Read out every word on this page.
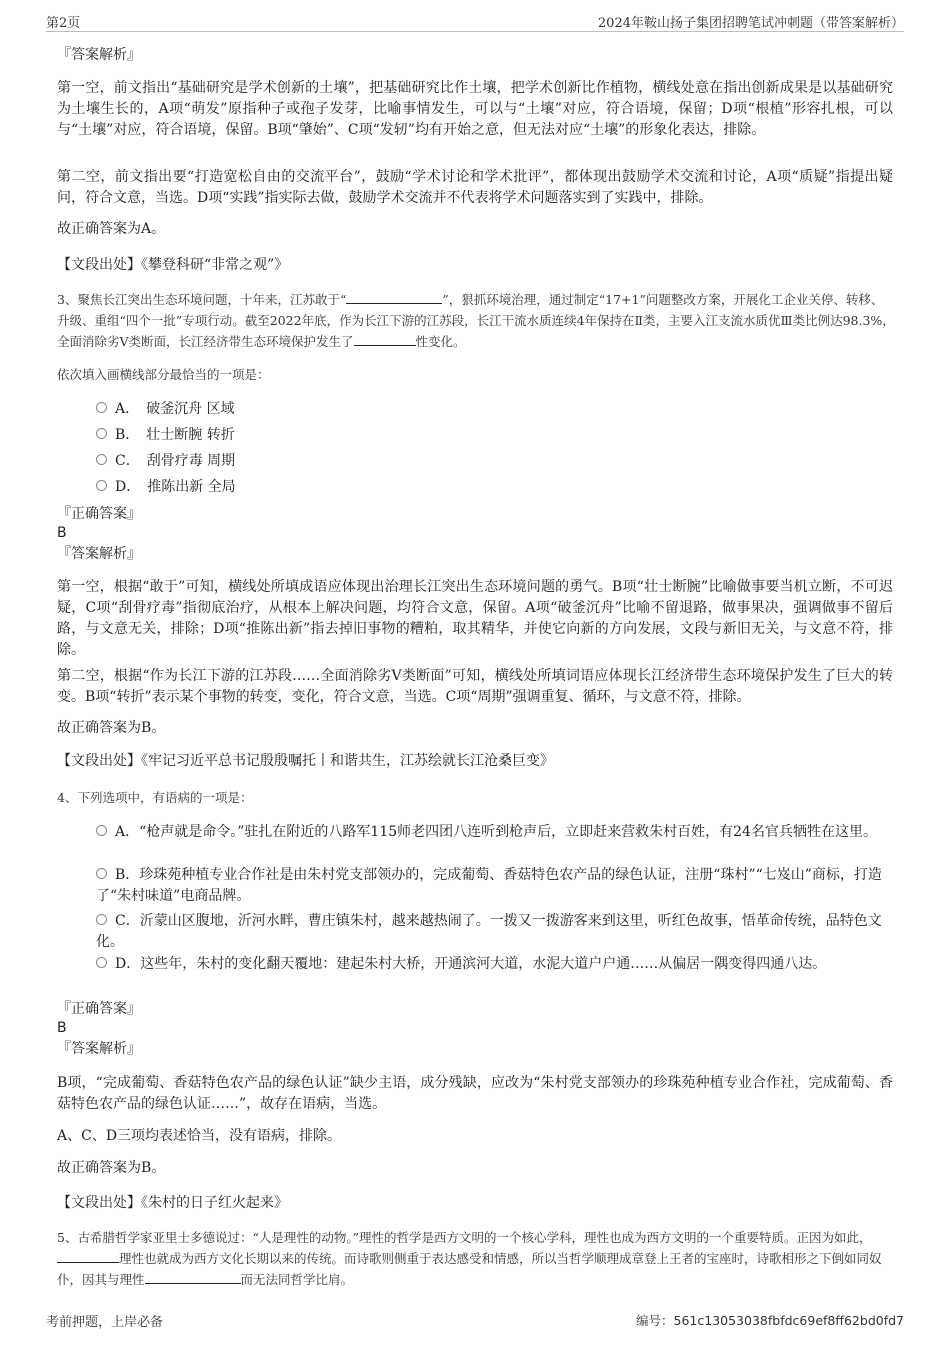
第2页	2024年鞍山扬子集团招聘笔试冲刺题（带答案解析）
『答案解析』
第一空，前文指出“基础研究是学术创新的土壤”，把基础研究比作土壤，把学术创新比作植物，横线处意在指出创新成果是以基础研究为土壤生长的，A项“萌发”原指种子或孢子发芽，比喻事情发生，可以与“土壤”对应，符合语境，保留；D项“根植”形容扎根，可以与“土壤”对应，符合语境，保留。B项“肇始”、C项“发轫”均有开始之意，但无法对应“土壤”的形象化表达，排除。
第二空，前文指出要“打造宽松自由的交流平台”，鼓励“学术讨论和学术批评”，都体现出鼓励学术交流和讨论，A项“质疑”指提出疑问，符合文意，当选。D项“实践”指实际去做，鼓励学术交流并不代表将学术问题落实到了实践中，排除。
故正确答案为A。
【文段出处】《攀登科研“非常之观”》
3、聚焦长江突出生态环境问题，十年来，江苏敢于“	”，狠抓环境治理，通过制定“17+1”问题整改方案，开展化工企业关停、转移、升级、重组“四个一批”专项行动。截至2022年底，作为长江下游的江苏段，长江干流水质连续4年保持在Ⅱ类，主要入江支流水质优Ⅲ类比例达98.3%，全面消除劣Ⅴ类断面，长江经济带生态环境保护发生了	性变化。
依次填入画横线部分最恰当的一项是：
A．　破釜沉舟 区域
B．　壮士断腕 转折
C．　刮骨疗毒 周期
D．　推陈出新 全局
『正确答案』
B
『答案解析』
第一空，根据“敢于”可知，横线处所填成语应体现出治理长江突出生态环境问题的勇气。B项“壮士断腕”比喻做事要当机立断，不可迟疑，C项“刮骨疗毒”指彻底治疗，从根本上解决问题，均符合文意，保留。A项“破釜沉舟”比喻不留退路，做事果决，强调做事不留后路，与文意无关，排除；D项“推陈出新”指去掉旧事物的糟粕，取其精华，并使它向新的方向发展，文段与新旧无关，与文意不符，排除。
第二空，根据“作为长江下游的江苏段……全面消除劣Ⅴ类断面”可知，横线处所填词语应体现长江经济带生态环境保护发生了巨大的转变。B项“转折”表示某个事物的转变，变化，符合文意，当选。C项“周期”强调重复、循环，与文意不符，排除。
故正确答案为B。
【文段出处】《牢记习近平总书记殷殷嘱托丨和谐共生，江苏绘就长江沧桑巨变》
4、下列选项中，有语病的一项是：
A．“枪声就是命令。”驻扎在附近的八路军115师老四团八连听到枪声后，立即赶来营救朱村百姓，有24名官兵牺牲在这里。
B．珍珠苑种植专业合作社是由朱村党支部领办的，完成葡萄、香菇特色农产品的绿色认证，注册“珠村”“七岌山”商标，打造了“朱村味道”电商品牌。
C．沂蒙山区腹地，沂河水畔，曹庄镇朱村，越来越热闹了。一拨又一拨游客来到这里，听红色故事，悟革命传统，品特色文化。
D．这些年，朱村的变化翻天覆地：建起朱村大桥，开通滨河大道，水泥大道户户通……从偏居一隅变得四通八达。
『正确答案』
B
『答案解析』
B项，“完成葡萄、香菇特色农产品的绿色认证”缺少主语，成分残缺，应改为“朱村党支部领办的珍珠苑种植专业合作社，完成葡萄、香菇特色农产品的绿色认证……”，故存在语病，当选。
A、C、D三项均表述恰当，没有语病，排除。
故正确答案为B。
【文段出处】《朱村的日子红火起来》
5、古希腊哲学家亚里士多德说过：“人是理性的动物。”理性的哲学是西方文明的一个核心学科，理性也成为西方文明的一个重要特质。正因为如此，理性也就成为西方文化长期以来的传统。而诗歌则侧重于表达感受和情感，所以当哲学顺理成章登上王者的宝座时，诗歌相形之下倒如同奴仆，因其与理性	而无法同哲学比肩。
考前押题，上岸必备	编号：561c13053038fbfdc69ef8ff62bd0fd7
